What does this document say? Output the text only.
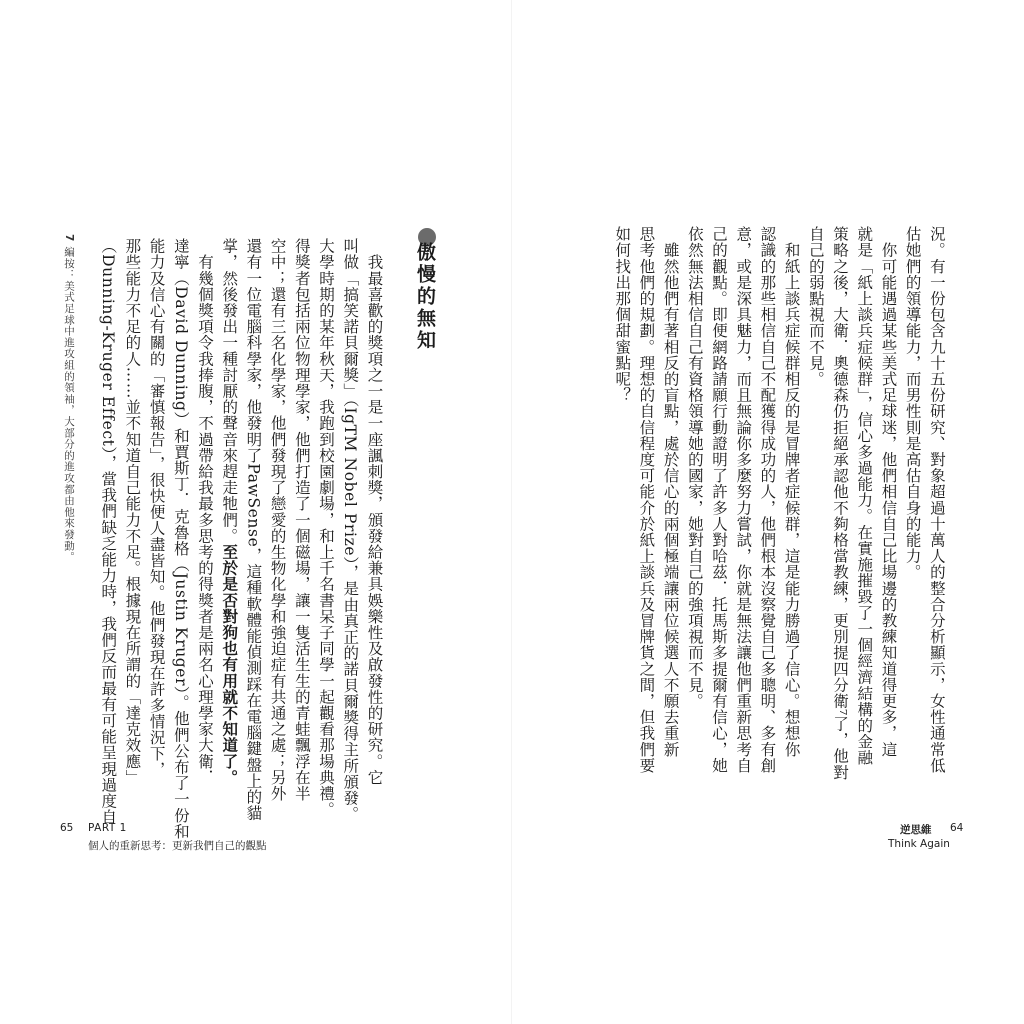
況。有一份包含九十五份研究、對象超過十萬人的整合分析顯示，女性通常低

估她們的領導能力，而男性則是高估自身的能力。

　你可能遇過某些美式足球迷，他們相信自己比場邊的教練知道得更多，這

就是「紙上談兵症候群」，信心多過能力。在實施摧毀了一個經濟結構的金融

策略之後，大衛．奧德森仍拒絕承認他不夠格當教練，更別提四分衛⁷了，他對

自己的弱點視而不見。

　和紙上談兵症候群相反的是冒牌者症候群，這是能力勝過了信心。想想你

認識的那些相信自己不配獲得成功的人，他們根本沒察覺自己多聰明、多有創

意，或是深具魅力，而且無論你多麼努力嘗試，你就是無法讓他們重新思考自

己的觀點。即便網路請願行動證明了許多人對哈茲．托馬斯多提爾有信心，她

依然無法相信自己有資格領導她的國家，她對自己的強項視而不見。

　雖然他們有著相反的盲點，處於信心的兩個極端讓兩位候選人不願去重新

思考他們的規劃。理想的自信程度可能介於紙上談兵及冒牌貨之間，但我們要

如何找出那個甜蜜點呢？

傲慢的無知

　我最喜歡的獎項之一是一座諷刺獎，頒發給兼具娛樂性及啟發性的研究。它

叫做「搞笑諾貝爾獎」（IgTM Nobel Prize），是由真正的諾貝爾獎得主所頒發。

大學時期的某年秋天，我跑到校園劇場，和上千名書呆子同學一起觀看那場典禮。

得獎者包括兩位物理學家，他們打造了一個磁場，讓一隻活生生的青蛙飄浮在半

空中；還有三名化學家，他們發現了戀愛的生物化學和強迫症有共通之處；另外

還有一位電腦科學家，他發明了PawSense，這種軟體能偵測踩在電腦鍵盤上的貓

掌，然後發出一種討厭的聲音來趕走牠們。至於是否對狗也有用就不知道了。

　有幾個獎項令我捧腹，不過帶給我最多思考的得獎者是兩名心理學家大衛．

達寧（David Dunning）和賈斯丁．克魯格（Justin Kruger）。他們公布了一份和

能力及信心有關的「審慎報告」，很快便人盡皆知。他們發現在許多情況下，

那些能力不足的人……並不知道自己能力不足。根據現在所謂的「達克效應」

（Dunning-Kruger Effect），當我們缺乏能力時，我們反而最有可能呈現過度自

7 編按：美式足球中進攻組的領袖，大部分的進攻都由他來發動。
65 PART 1
個人的重新思考：更新我們自己的觀點
逆思維
Think Again
64
